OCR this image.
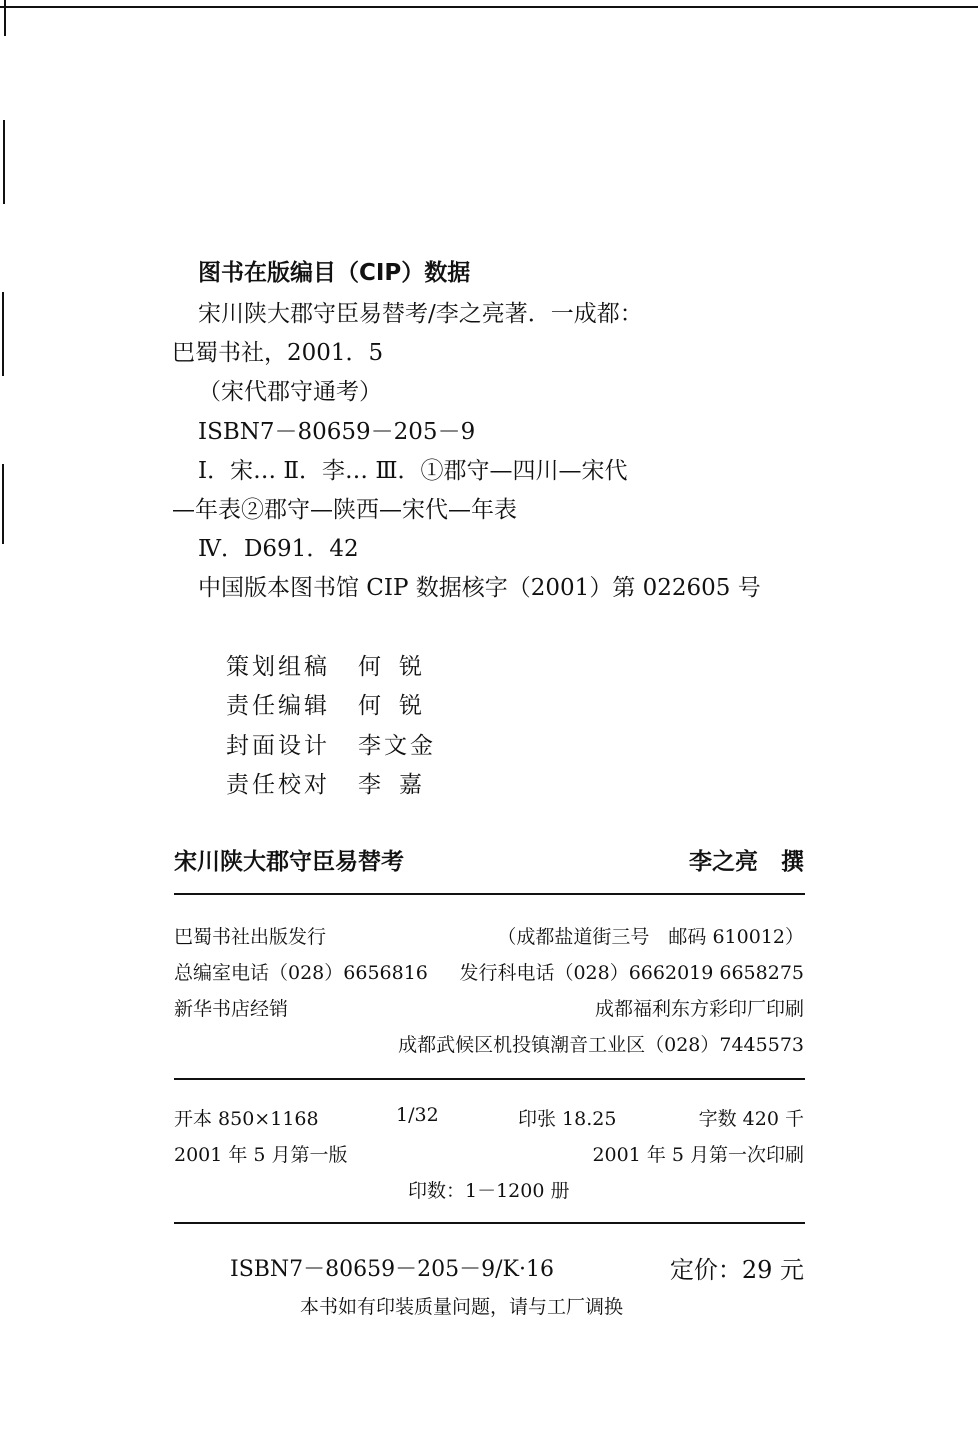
图书在版编目（CIP）数据
宋川陕大郡守臣易替考/李之亮著．一成都：
巴蜀书社，2001．5
（宋代郡守通考）
ISBN7－80659－205－9
Ⅰ．宋… Ⅱ．李… Ⅲ．①郡守—四川—宋代
—年表②郡守—陕西—宋代—年表
Ⅳ．D691．42
中国版本图书馆 CIP 数据核字（2001）第 022605 号
策划组稿 何锐
责任编辑 何锐
封面设计 李文金
责任校对 李嘉
宋川陕大郡守臣易替考	李之亮　撰
巴蜀书社出版发行	（成都盐道街三号　邮码 610012）
总编室电话（028）6656816 发行科电话（028）6662019 6658275
新华书店经销	成都福利东方彩印厂印刷
成都武候区机投镇潮音工业区（028）7445573
开本 850×1168	1/32	印张 18.25	字数 420 千
2001 年 5 月第一版	2001 年 5 月第一次印刷
印数：1－1200 册
ISBN7－80659－205－9/K·16	定价：29 元
本书如有印装质量问题，请与工厂调换
